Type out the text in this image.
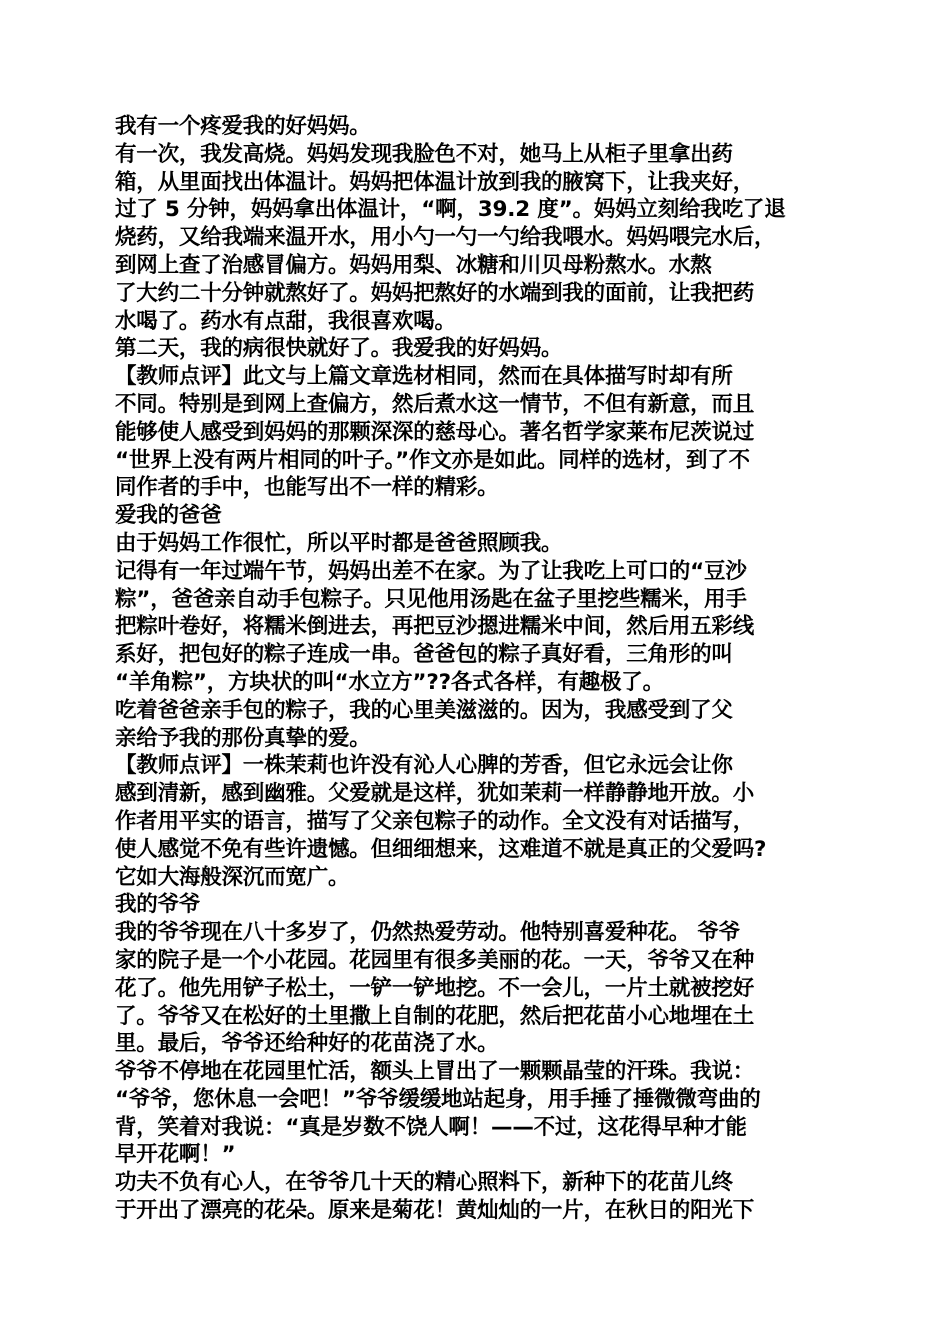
我有一个疼爱我的好妈妈。
有一次，我发高烧。妈妈发现我脸色不对，她马上从柜子里拿出药
箱，从里面找出体温计。妈妈把体温计放到我的腋窝下，让我夹好，
过了 5 分钟，妈妈拿出体温计，“啊，39.2 度”。妈妈立刻给我吃了退
烧药，又给我端来温开水，用小勺一勺一勺给我喂水。妈妈喂完水后，
到网上查了治感冒偏方。妈妈用梨、冰糖和川贝母粉熬水。水熬
了大约二十分钟就熬好了。妈妈把熬好的水端到我的面前，让我把药
水喝了。药水有点甜，我很喜欢喝。
第二天，我的病很快就好了。我爱我的好妈妈。
【教师点评】此文与上篇文章选材相同，然而在具体描写时却有所
不同。特别是到网上查偏方，然后煮水这一情节，不但有新意，而且
能够使人感受到妈妈的那颗深深的慈母心。著名哲学家莱布尼茨说过
“世界上没有两片相同的叶子。”作文亦是如此。同样的选材，到了不
同作者的手中，也能写出不一样的精彩。
爱我的爸爸
由于妈妈工作很忙，所以平时都是爸爸照顾我。
记得有一年过端午节，妈妈出差不在家。为了让我吃上可口的“豆沙
粽”，爸爸亲自动手包粽子。只见他用汤匙在盆子里挖些糯米，用手
把粽叶卷好，将糯米倒进去，再把豆沙摁进糯米中间，然后用五彩线
系好，把包好的粽子连成一串。爸爸包的粽子真好看，三角形的叫
“羊角粽”，方块状的叫“水立方”??各式各样，有趣极了。
吃着爸爸亲手包的粽子，我的心里美滋滋的。因为，我感受到了父
亲给予我的那份真挚的爱。
【教师点评】一株茉莉也许没有沁人心脾的芳香，但它永远会让你
感到清新，感到幽雅。父爱就是这样，犹如茉莉一样静静地开放。小
作者用平实的语言，描写了父亲包粽子的动作。全文没有对话描写，
使人感觉不免有些许遗憾。但细细想来，这难道不就是真正的父爱吗?
它如大海般深沉而宽广。
我的爷爷
我的爷爷现在八十多岁了，仍然热爱劳动。他特别喜爱种花。 爷爷
家的院子是一个小花园。花园里有很多美丽的花。一天，爷爷又在种
花了。他先用铲子松土，一铲一铲地挖。不一会儿，一片土就被挖好
了。爷爷又在松好的土里撒上自制的花肥，然后把花苗小心地埋在土
里。最后，爷爷还给种好的花苗浇了水。
爷爷不停地在花园里忙活，额头上冒出了一颗颗晶莹的汗珠。我说：
“爷爷，您休息一会吧！”爷爷缓缓地站起身，用手捶了捶微微弯曲的
背，笑着对我说：“真是岁数不饶人啊！——不过，这花得早种才能
早开花啊！”
功夫不负有心人，在爷爷几十天的精心照料下，新种下的花苗儿终
于开出了漂亮的花朵。原来是菊花！黄灿灿的一片，在秋日的阳光下
